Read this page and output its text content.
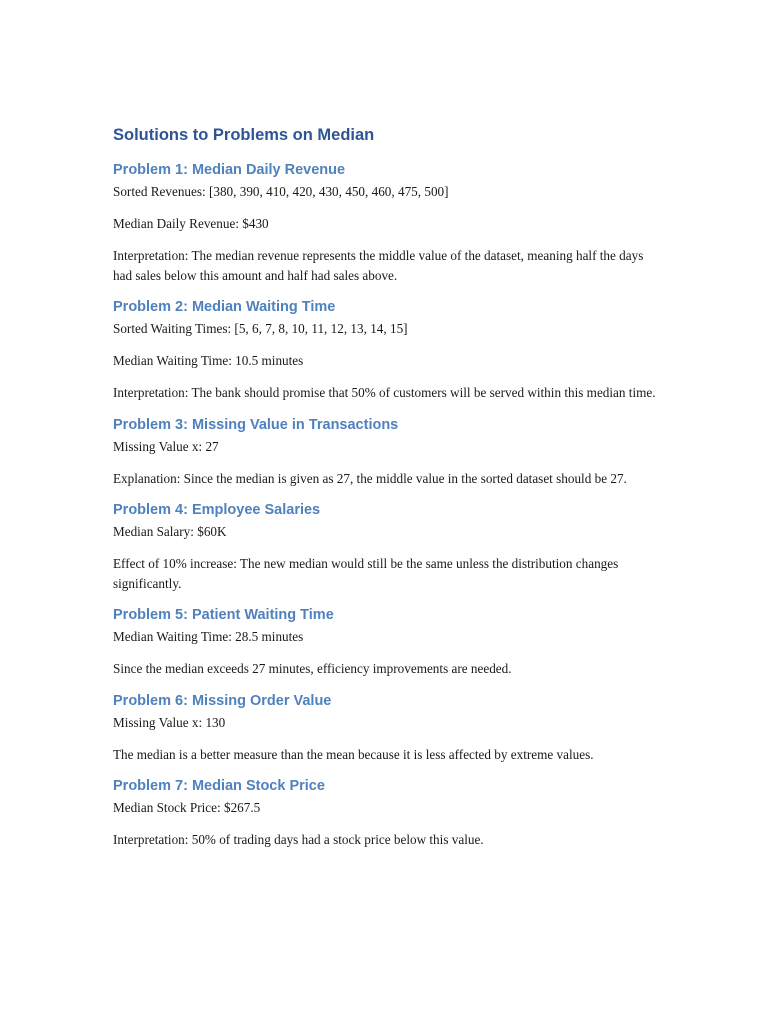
Solutions to Problems on Median
Problem 1: Median Daily Revenue

Sorted Revenues: [380, 390, 410, 420, 430, 450, 460, 475, 500]

Median Daily Revenue: $430

Interpretation: The median revenue represents the middle value of the dataset, meaning half the days had sales below this amount and half had sales above.

Problem 2: Median Waiting Time

Sorted Waiting Times: [5, 6, 7, 8, 10, 11, 12, 13, 14, 15]

Median Waiting Time: 10.5 minutes

Interpretation: The bank should promise that 50% of customers will be served within this median time.

Problem 3: Missing Value in Transactions

Missing Value x: 27

Explanation: Since the median is given as 27, the middle value in the sorted dataset should be 27.

Problem 4: Employee Salaries

Median Salary: $60K

Effect of 10% increase: The new median would still be the same unless the distribution changes significantly.

Problem 5: Patient Waiting Time

Median Waiting Time: 28.5 minutes

Since the median exceeds 27 minutes, efficiency improvements are needed.

Problem 6: Missing Order Value

Missing Value x: 130

The median is a better measure than the mean because it is less affected by extreme values.

Problem 7: Median Stock Price

Median Stock Price: $267.5

Interpretation: 50% of trading days had a stock price below this value.
